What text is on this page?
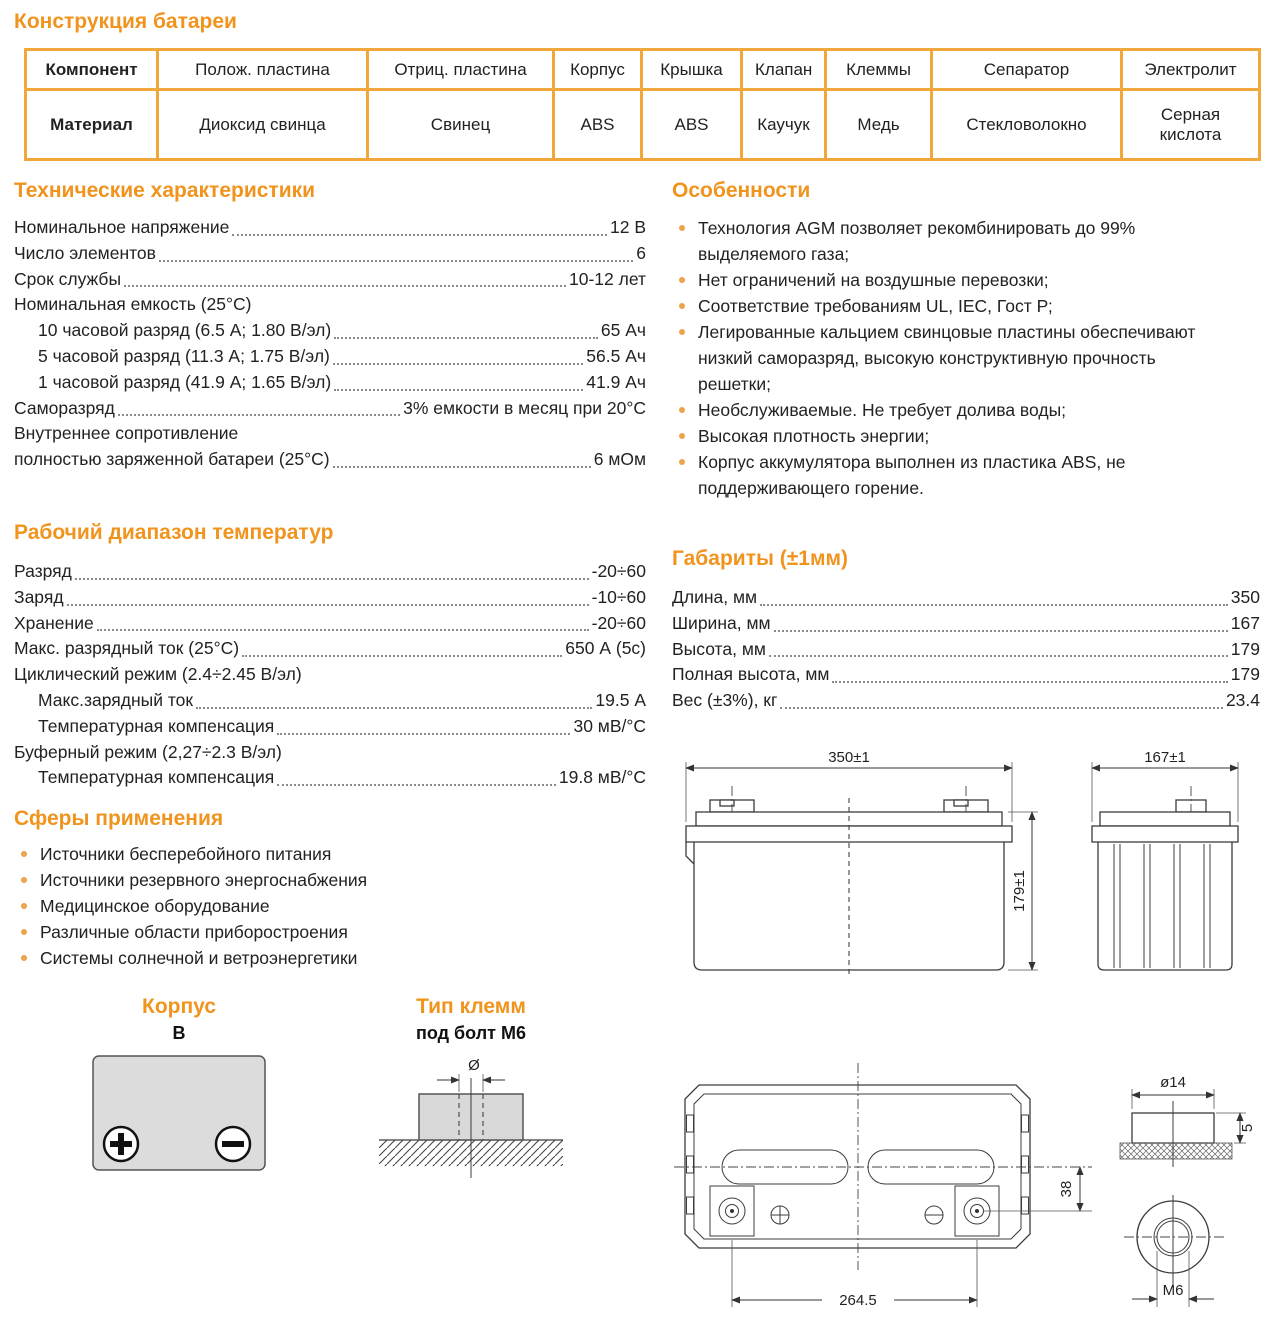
Конструкция батареи
Компонент	Полож. пластина	Отриц. пластина	Корпус	Крышка	Клапан	Клеммы	Сепаратор	Электролит
Материал	Диоксид свинца	Свинец	ABS	ABS	Каучук	Медь	Стекловолокно	Серная кислота
Технические характеристики
Номинальное напряжение	12 В
Число элементов	6
Срок службы	10-12 лет
Номинальная емкость (25°С)
10 часовой разряд (6.5 А; 1.80 В/эл)	65 Ач
5 часовой разряд (11.3 А; 1.75 В/эл)	56.5 Ач
1 часовой разряд (41.9 А; 1.65 В/эл)	41.9 Ач
Саморазряд	3% емкости в месяц при 20°С
Внутреннее сопротивление
полностью заряженной батареи (25°С)	6 мОм
Рабочий диапазон температур
Разряд	-20÷60
Заряд	-10÷60
Хранение	-20÷60
Макс. разрядный ток (25°С)	650 А (5с)
Циклический режим (2.4÷2.45 В/эл)
Макс.зарядный ток	19.5 А
Температурная компенсация	30 мВ/°С
Буферный режим (2,27÷2.3 В/эл)
Температурная компенсация	19.8 мВ/°С
Сферы применения
Источники бесперебойного питания
Источники резервного энергоснабжения
Медицинское оборудование
Различные области приборостроения
Системы солнечной и ветроэнергетики
Корпус
B
Тип клемм
под болт М6
Ø
Особенности
Технология AGM позволяет рекомбинировать до 99% выделяемого газа;
Нет ограничений на воздушные перевозки;
Соответствие требованиям UL, IEC, Гост Р;
Легированные кальцием свинцовые пластины обеспечивают низкий саморазряд, высокую конструктивную прочность решетки;
Необслуживаемые. Не требует долива воды;
Высокая плотность энергии;
Корпус аккумулятора выполнен из пластика ABS, не поддерживающего горение.
Габариты (±1мм)
Длина, мм	350
Ширина, мм	167
Высота, мм	179
Полная высота, мм	179
Вес (±3%), кг	23.4
350±1
179±1
167±1
264.5
38
ø14
5
M6
